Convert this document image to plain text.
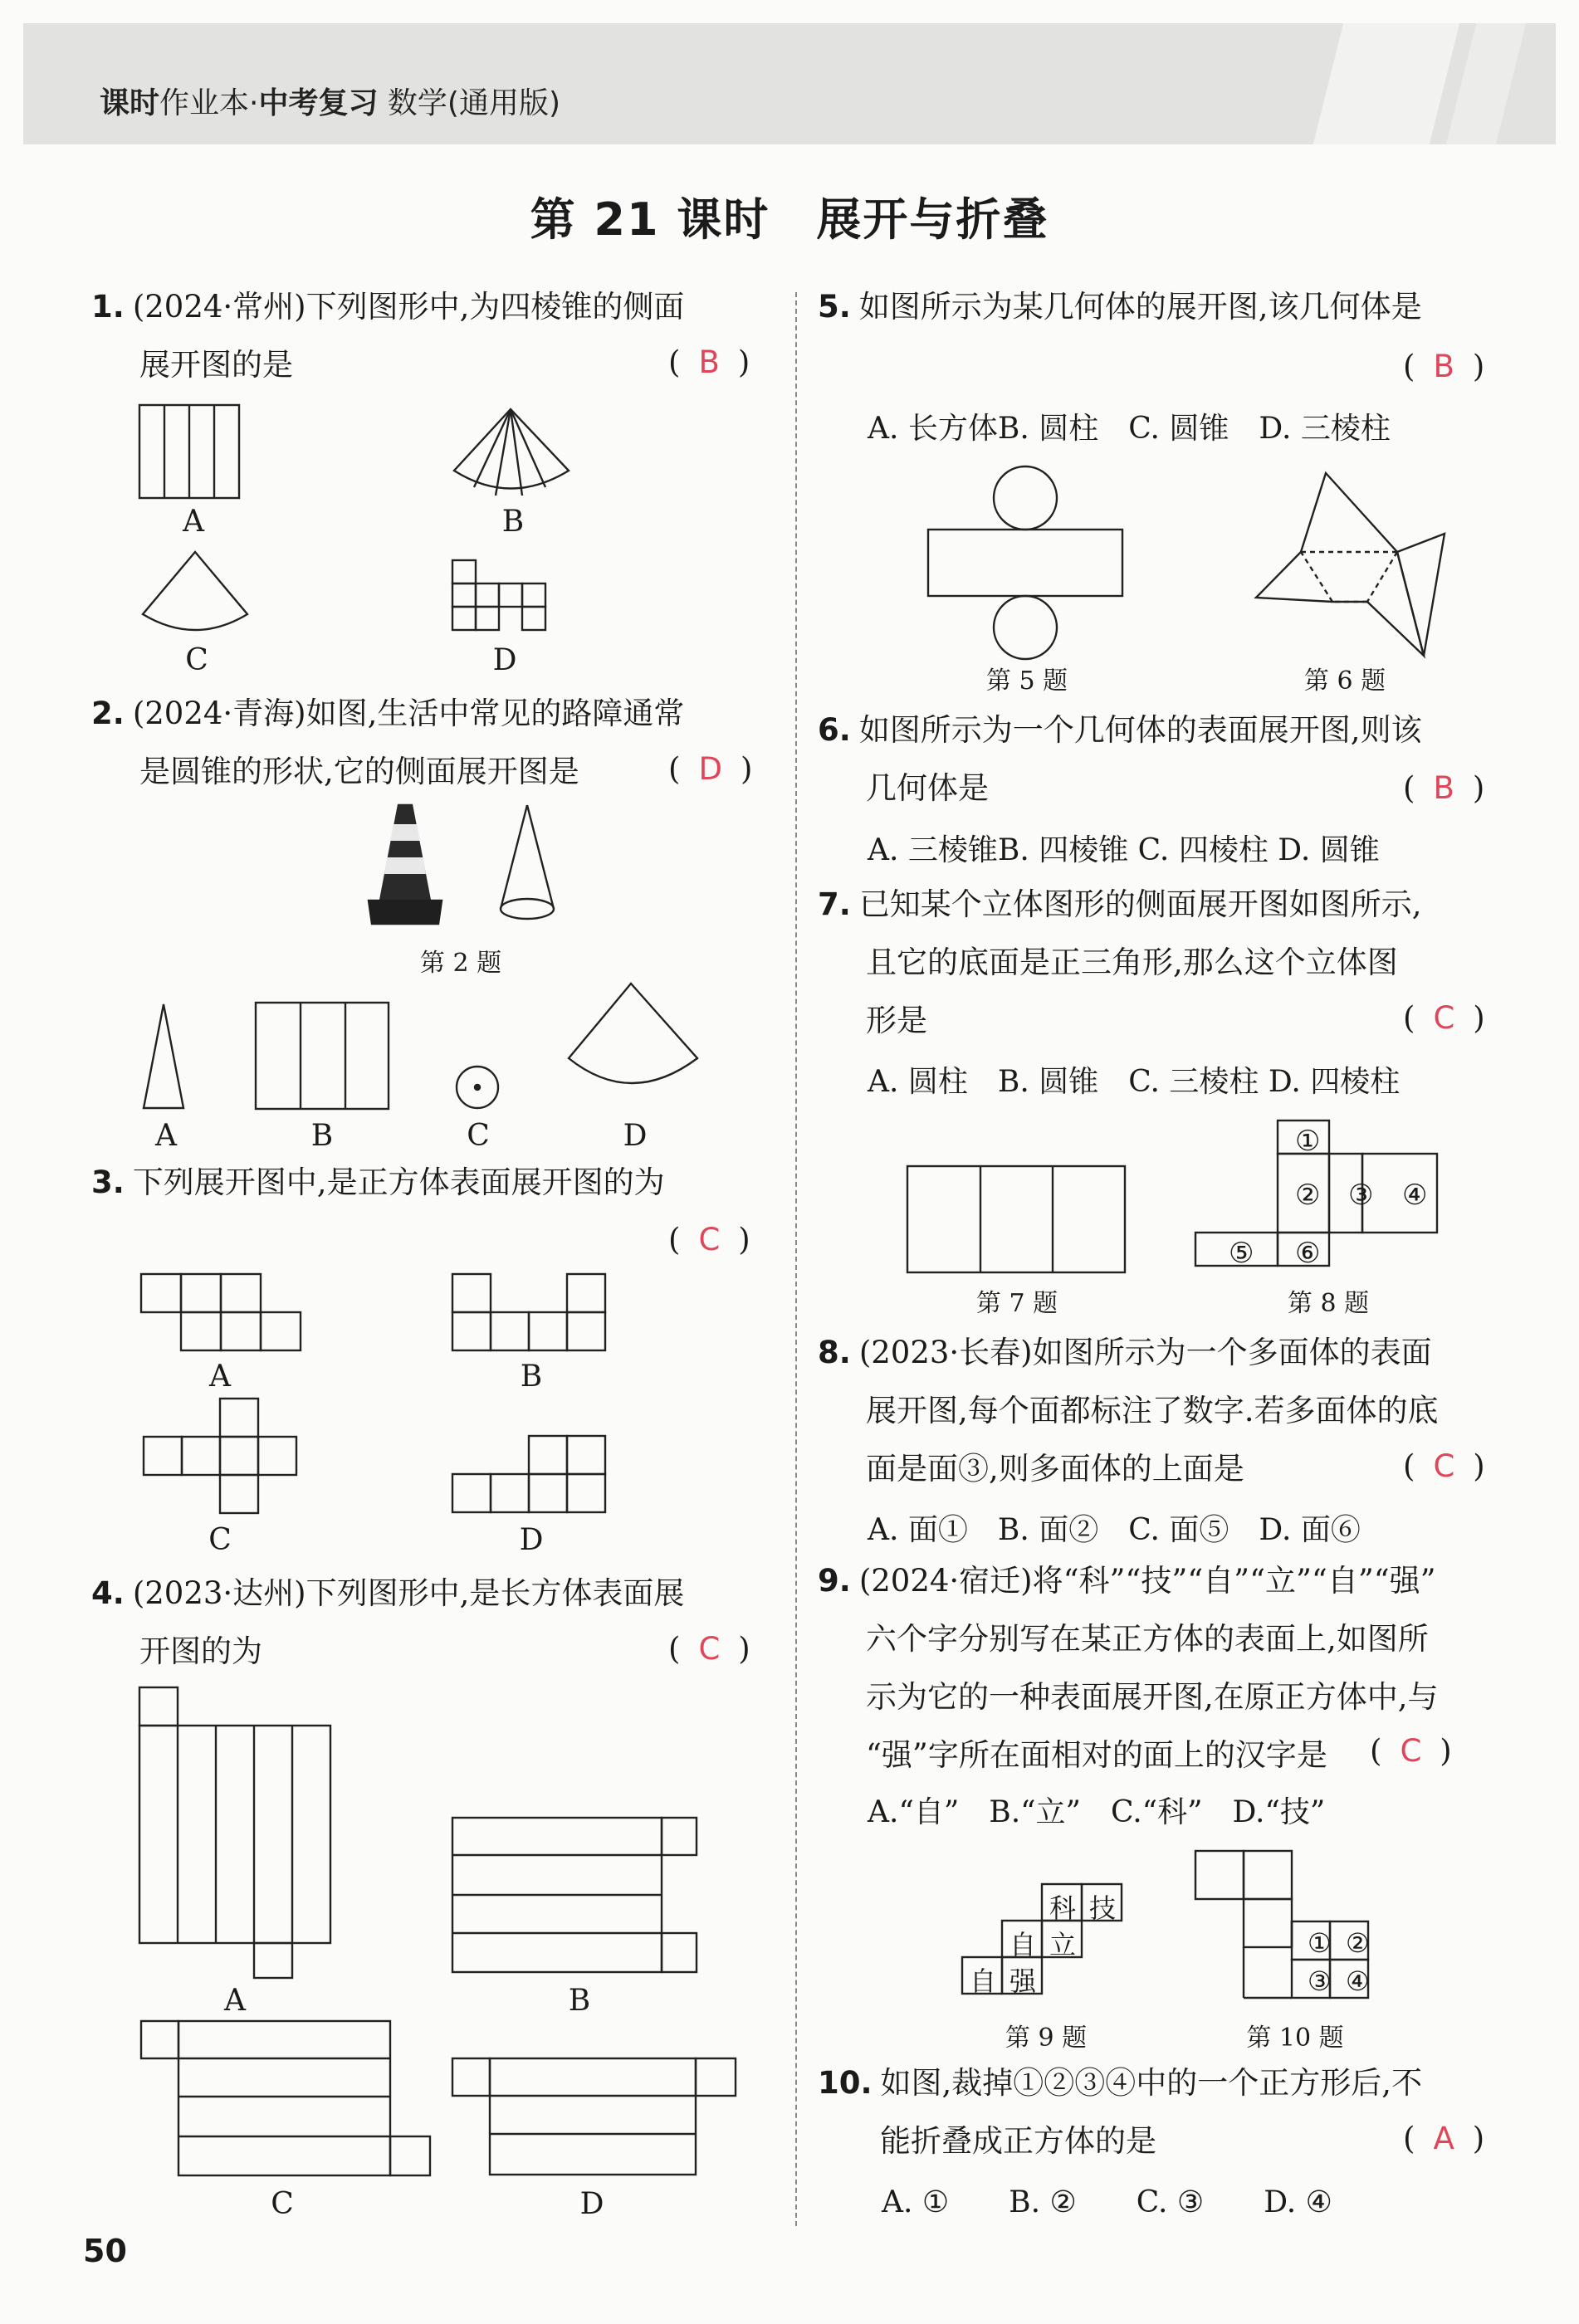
课时作业本·中考复习 数学(通用版)
第 21 课时　展开与折叠
1. (2024·常州)下列图形中,为四棱锥的侧面
展开图的是	( B )
A	B
C	D
2. (2024·青海)如图,生活中常见的路障通常
是圆锥的形状,它的侧面展开图是	( D )
第 2 题
A	B	C	D
3. 下列展开图中,是正方体表面展开图的为
( C )
A	B
C	D
4. (2023·达州)下列图形中,是长方体表面展
开图的为	( C )
A	B
C	D
5. 如图所示为某几何体的展开图,该几何体是
( B )
A. 长方体B. 圆柱　C. 圆锥　D. 三棱柱
第 5 题	第 6 题
6. 如图所示为一个几何体的表面展开图,则该
几何体是	( B )
A. 三棱锥B. 四棱锥 C. 四棱柱 D. 圆锥
7. 已知某个立体图形的侧面展开图如图所示,
且它的底面是正三角形,那么这个立体图
形是	( C )
A. 圆柱　B. 圆锥　C. 三棱柱 D. 四棱柱
第 7 题
①
② ③ ④
⑤ ⑥
第 8 题
8. (2023·长春)如图所示为一个多面体的表面
展开图,每个面都标注了数字.若多面体的底
面是面③,则多面体的上面是	( C )
A. 面①　B. 面②　C. 面⑤　D. 面⑥
9. (2024·宿迁)将“科”“技”“自”“立”“自”“强”
六个字分别写在某正方体的表面上,如图所
示为它的一种表面展开图,在原正方体中,与
“强”字所在面相对的面上的汉字是	( C )
A.“自”　B.“立”　C.“科”　D.“技”
科 技
自 立
自 强
第 9 题
① ②
③ ④
第 10 题
10. 如图,裁掉①②③④中的一个正方形后,不
能折叠成正方体的是	( A )
A. ①　　B. ②　　C. ③　　D. ④
50
